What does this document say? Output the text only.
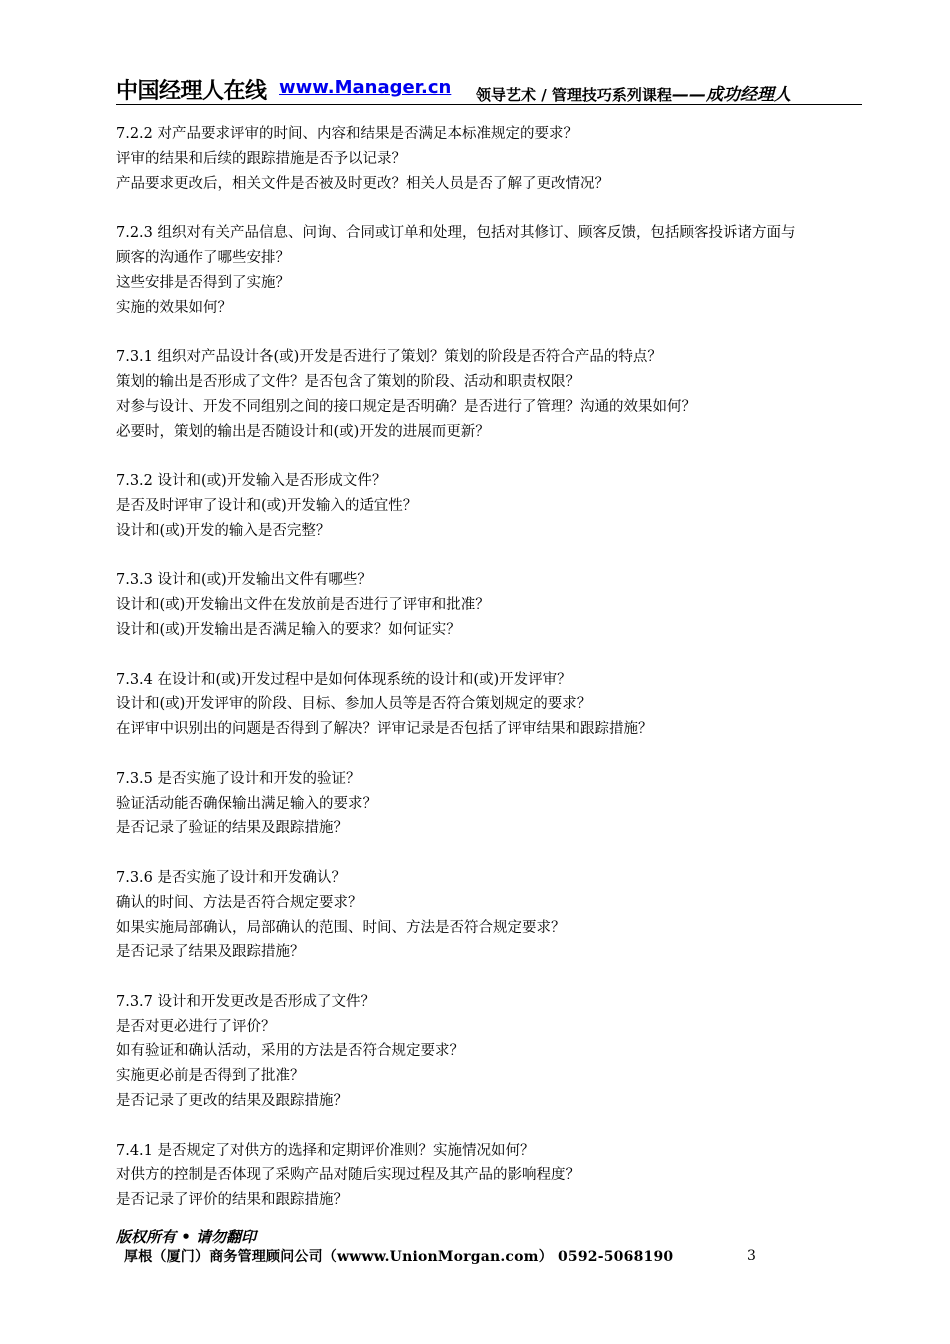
中国经理人在线 www.Manager.cn 领导艺术 / 管理技巧系列课程——成功经理人
7.2.2 对产品要求评审的时间、内容和结果是否满足本标准规定的要求？
评审的结果和后续的跟踪措施是否予以记录？
产品要求更改后，相关文件是否被及时更改？相关人员是否了解了更改情况？
7.2.3 组织对有关产品信息、问询、合同或订单和处理，包括对其修订、顾客反馈，包括顾客投诉诸方面与
顾客的沟通作了哪些安排？
这些安排是否得到了实施？
实施的效果如何？
7.3.1 组织对产品设计各(或)开发是否进行了策划？策划的阶段是否符合产品的特点？
策划的输出是否形成了文件？是否包含了策划的阶段、活动和职责权限？
对参与设计、开发不同组别之间的接口规定是否明确？是否进行了管理？沟通的效果如何？
必要时，策划的输出是否随设计和(或)开发的进展而更新？
7.3.2 设计和(或)开发输入是否形成文件？
是否及时评审了设计和(或)开发输入的适宜性？
设计和(或)开发的输入是否完整？
7.3.3 设计和(或)开发输出文件有哪些？
设计和(或)开发输出文件在发放前是否进行了评审和批准？
设计和(或)开发输出是否满足输入的要求？如何证实？
7.3.4 在设计和(或)开发过程中是如何体现系统的设计和(或)开发评审？
设计和(或)开发评审的阶段、目标、参加人员等是否符合策划规定的要求？
在评审中识别出的问题是否得到了解决？评审记录是否包括了评审结果和跟踪措施？
7.3.5 是否实施了设计和开发的验证？
验证活动能否确保输出满足输入的要求？
是否记录了验证的结果及跟踪措施？
7.3.6 是否实施了设计和开发确认？
确认的时间、方法是否符合规定要求？
如果实施局部确认，局部确认的范围、时间、方法是否符合规定要求？
是否记录了结果及跟踪措施？
7.3.7 设计和开发更改是否形成了文件？
是否对更必进行了评价？
如有验证和确认活动，采用的方法是否符合规定要求？
实施更必前是否得到了批准？
是否记录了更改的结果及跟踪措施？
7.4.1 是否规定了对供方的选择和定期评价准则？实施情况如何？
对供方的控制是否体现了采购产品对随后实现过程及其产品的影响程度？
是否记录了评价的结果和跟踪措施？
版权所有 • 请勿翻印
厚根（厦门）商务管理顾问公司（wwww.UnionMorgan.com） 0592-5068190	3
